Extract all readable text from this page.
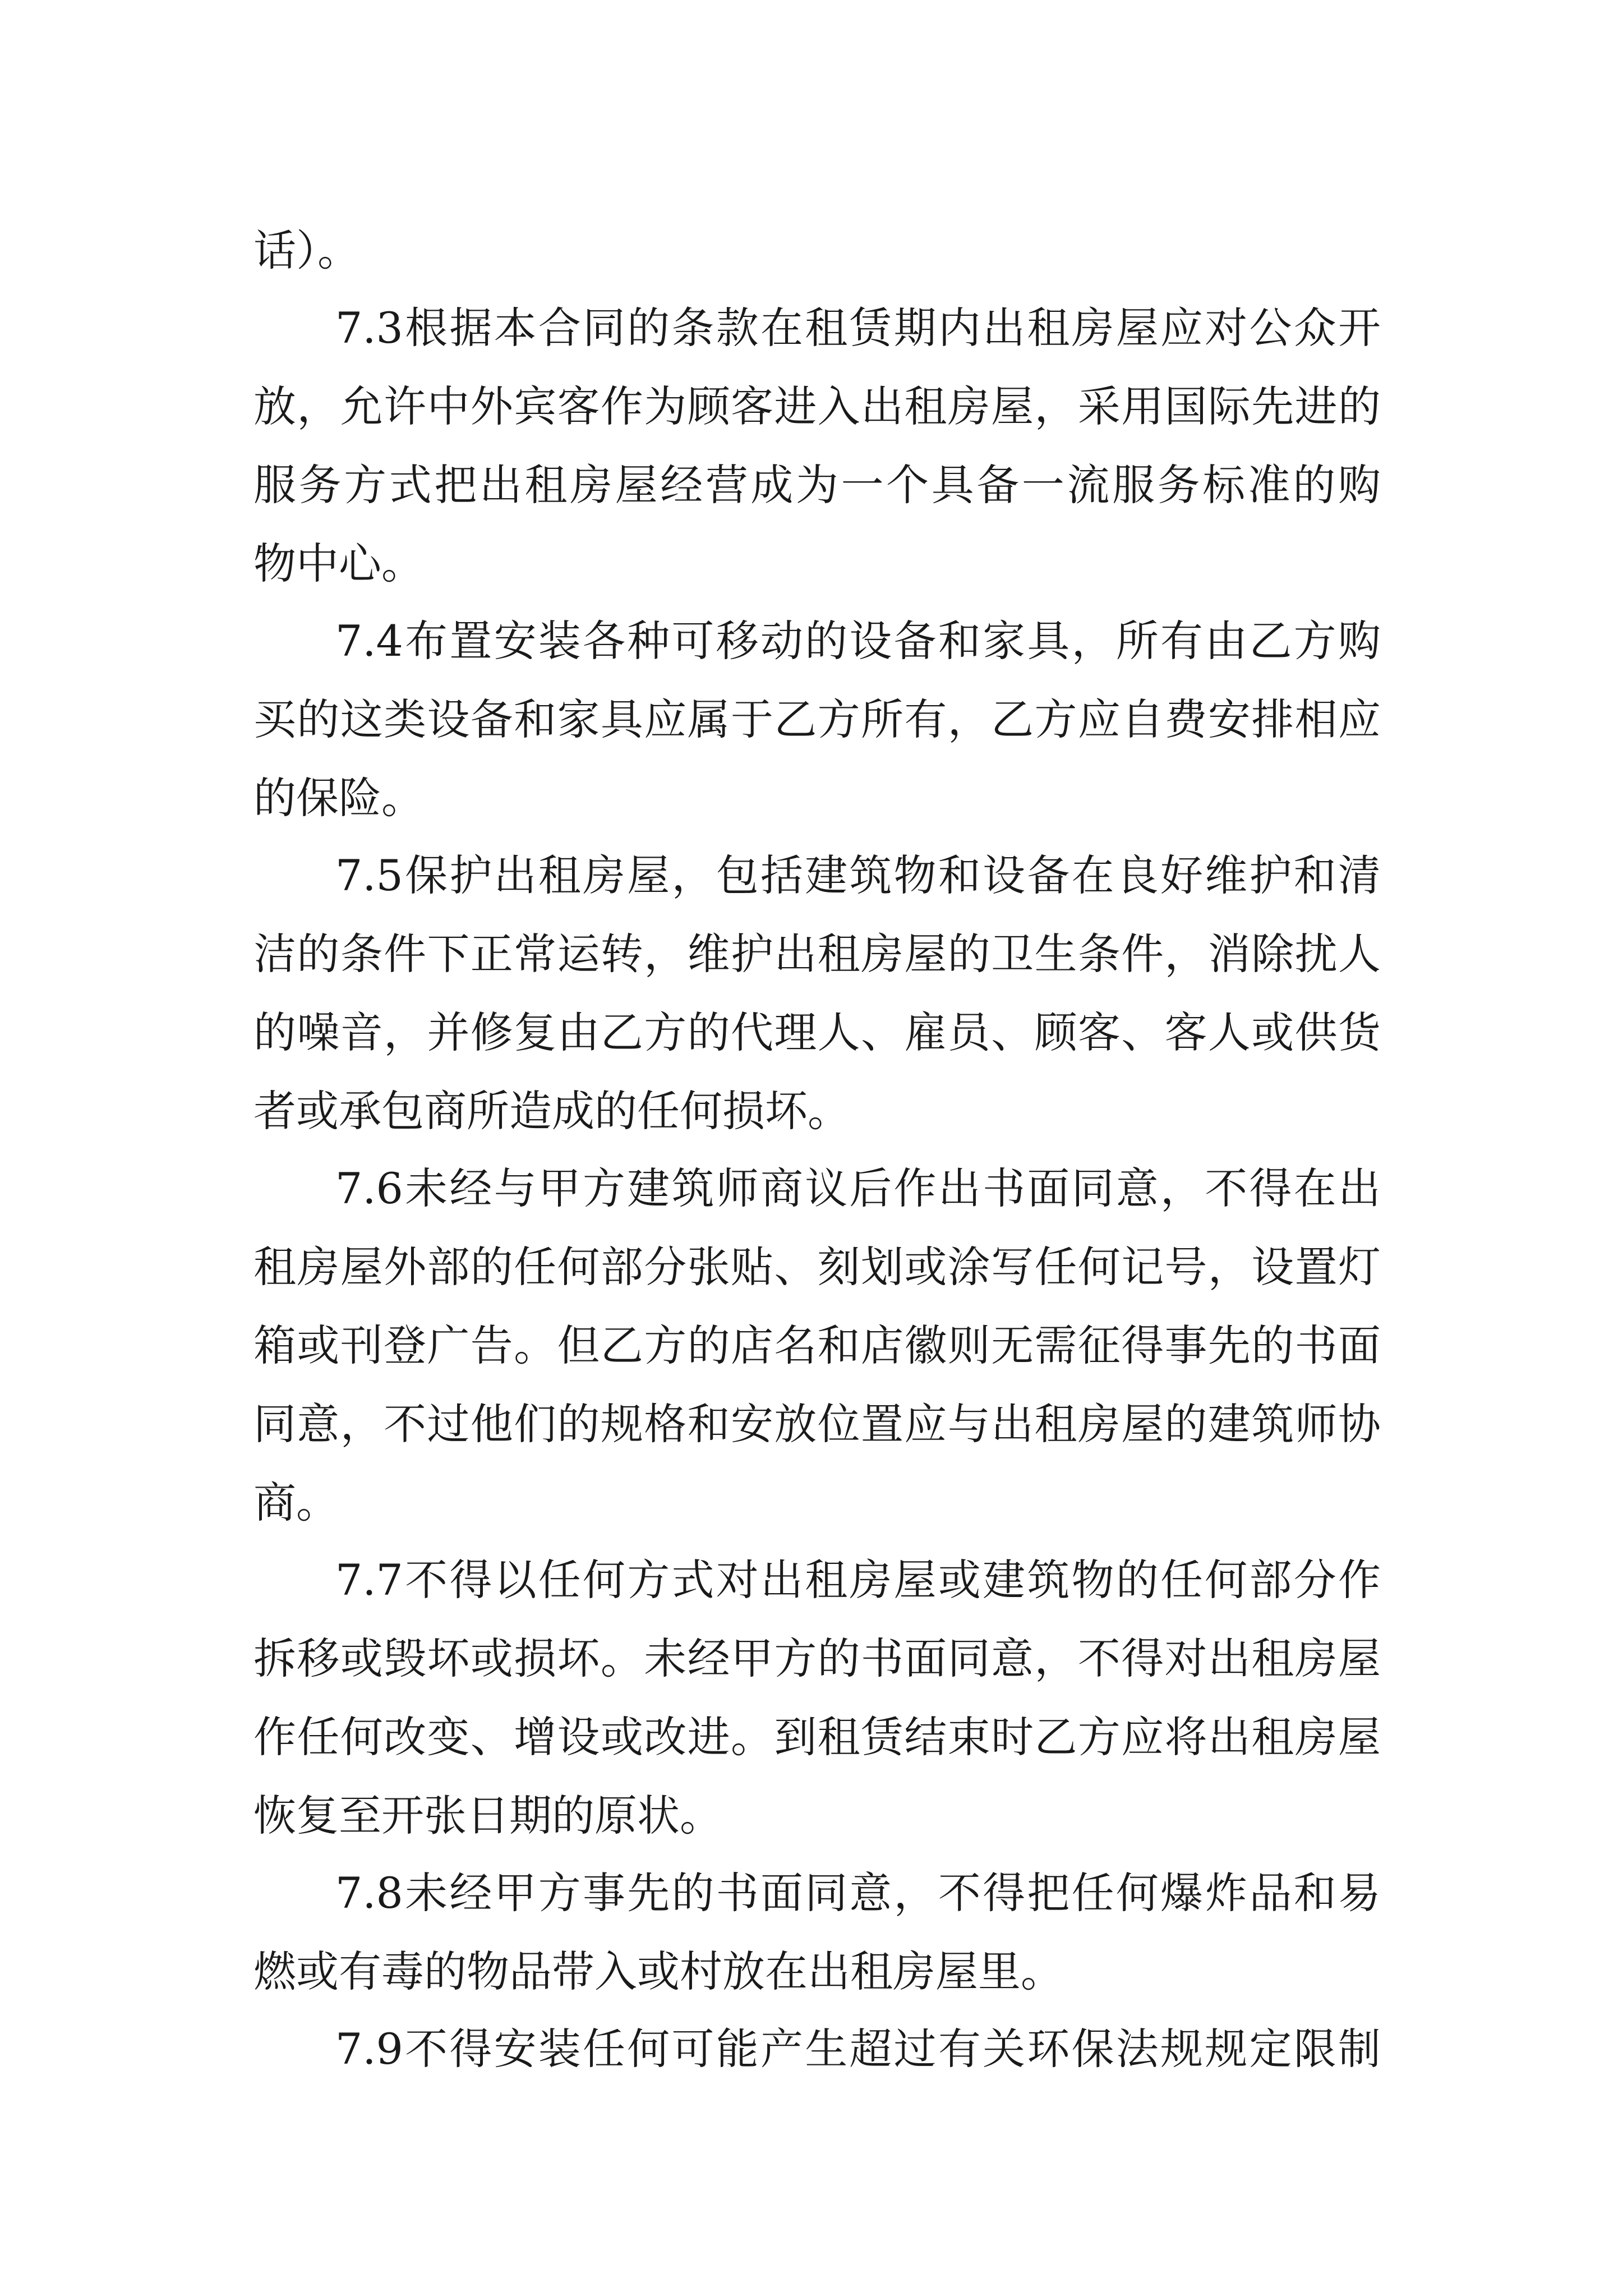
话）。
7.3根据本合同的条款在租赁期内出租房屋应对公众开
放，允许中外宾客作为顾客进入出租房屋，采用国际先进的
服务方式把出租房屋经营成为一个具备一流服务标准的购
物中心。
7.4布置安装各种可移动的设备和家具，所有由乙方购
买的这类设备和家具应属于乙方所有，乙方应自费安排相应
的保险。
7.5保护出租房屋，包括建筑物和设备在良好维护和清
洁的条件下正常运转，维护出租房屋的卫生条件，消除扰人
的噪音，并修复由乙方的代理人、雇员、顾客、客人或供货
者或承包商所造成的任何损坏。
7.6未经与甲方建筑师商议后作出书面同意，不得在出
租房屋外部的任何部分张贴、刻划或涂写任何记号，设置灯
箱或刊登广告。但乙方的店名和店徽则无需征得事先的书面
同意，不过他们的规格和安放位置应与出租房屋的建筑师协
商。
7.7不得以任何方式对出租房屋或建筑物的任何部分作
拆移或毁坏或损坏。未经甲方的书面同意，不得对出租房屋
作任何改变、增设或改进。到租赁结束时乙方应将出租房屋
恢复至开张日期的原状。
7.8未经甲方事先的书面同意，不得把任何爆炸品和易
燃或有毒的物品带入或村放在出租房屋里。
7.9不得安装任何可能产生超过有关环保法规规定限制
